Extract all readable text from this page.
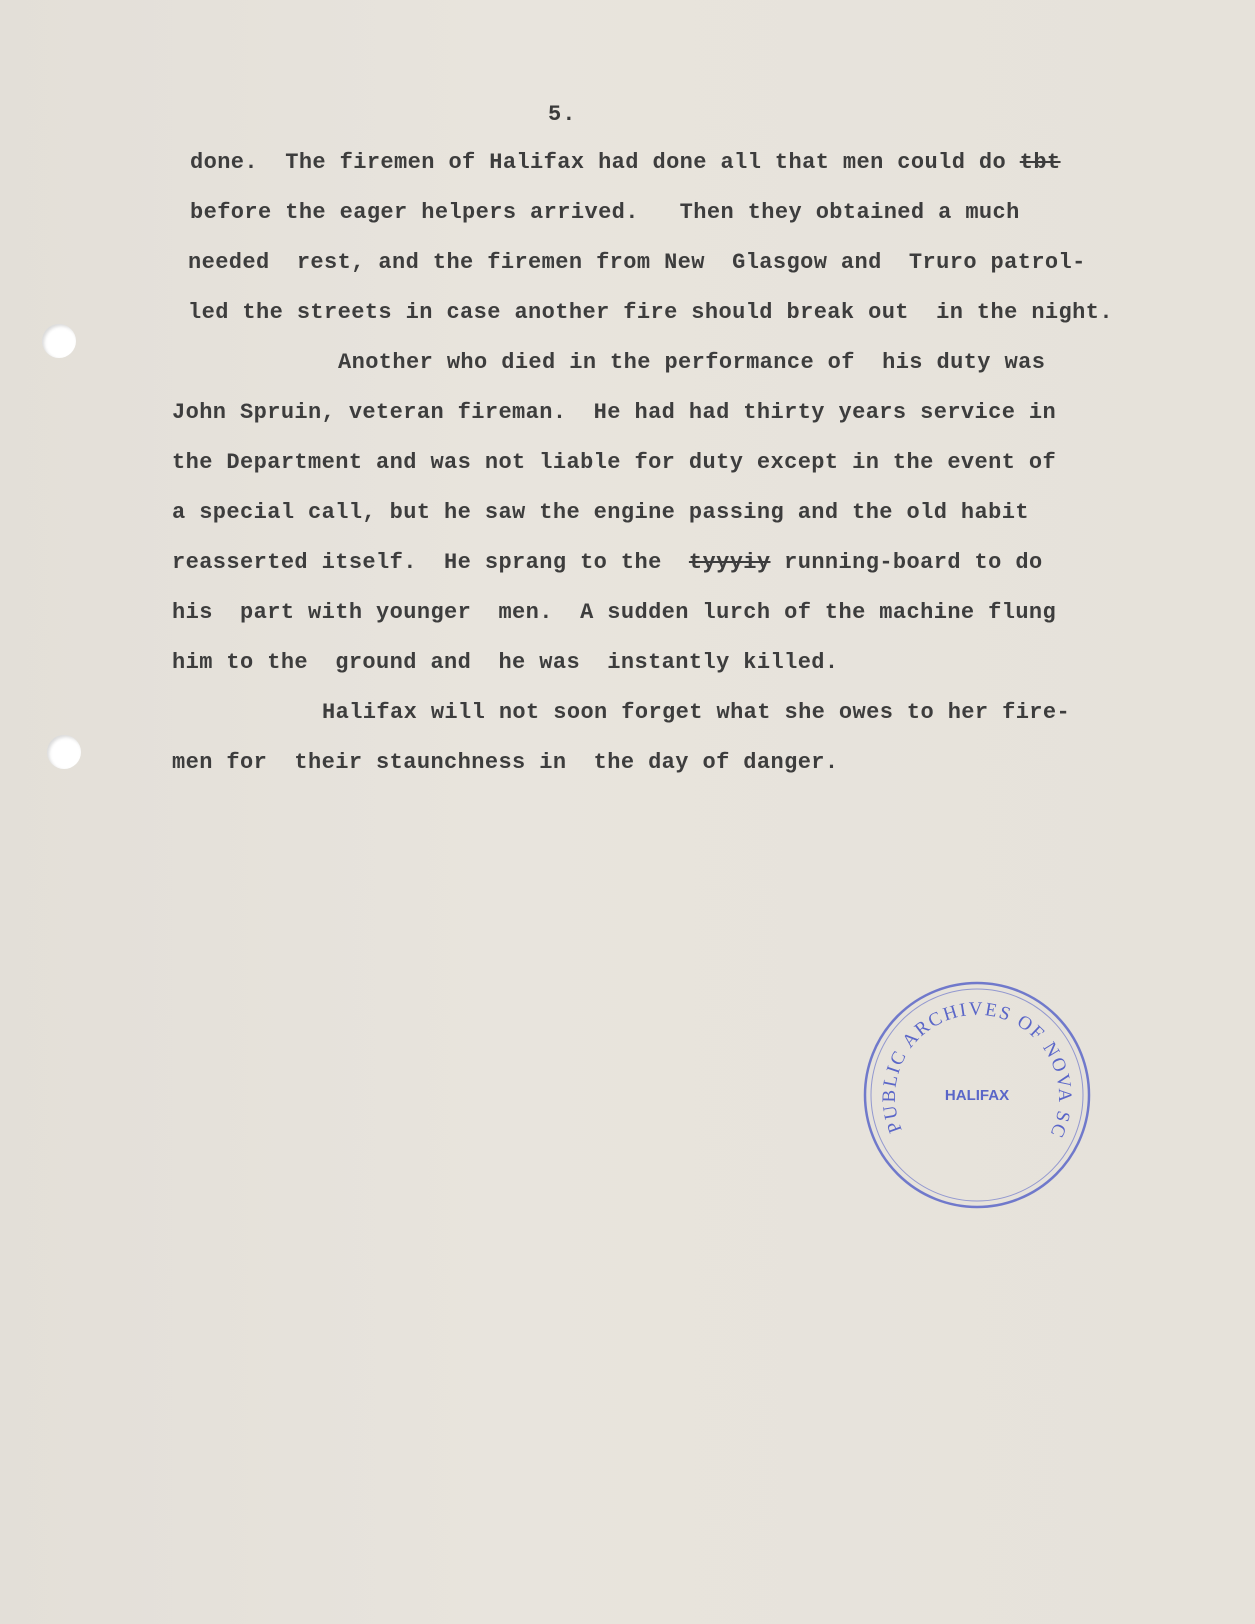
5.
done.  The firemen of Halifax had done all that men could do tbt
before the eager helpers arrived.   Then they obtained a much
needed  rest, and the firemen from New  Glasgow and  Truro patrol-
led the streets in case another fire should break out  in the night.
Another who died in the performance of  his duty was
John Spruin, veteran fireman.  He had had thirty years service in
the Department and was not liable for duty except in the event of
a special call, but he saw the engine passing and the old habit
reasserted itself.  He sprang to the  tyyyiy running-board to do
his  part with younger  men.  A sudden lurch of the machine flung
him to the  ground and  he was  instantly killed.
Halifax will not soon forget what she owes to her fire-
men for  their staunchness in  the day of danger.
PUBLIC ARCHIVES OF NOVA SC
HALIFAX
